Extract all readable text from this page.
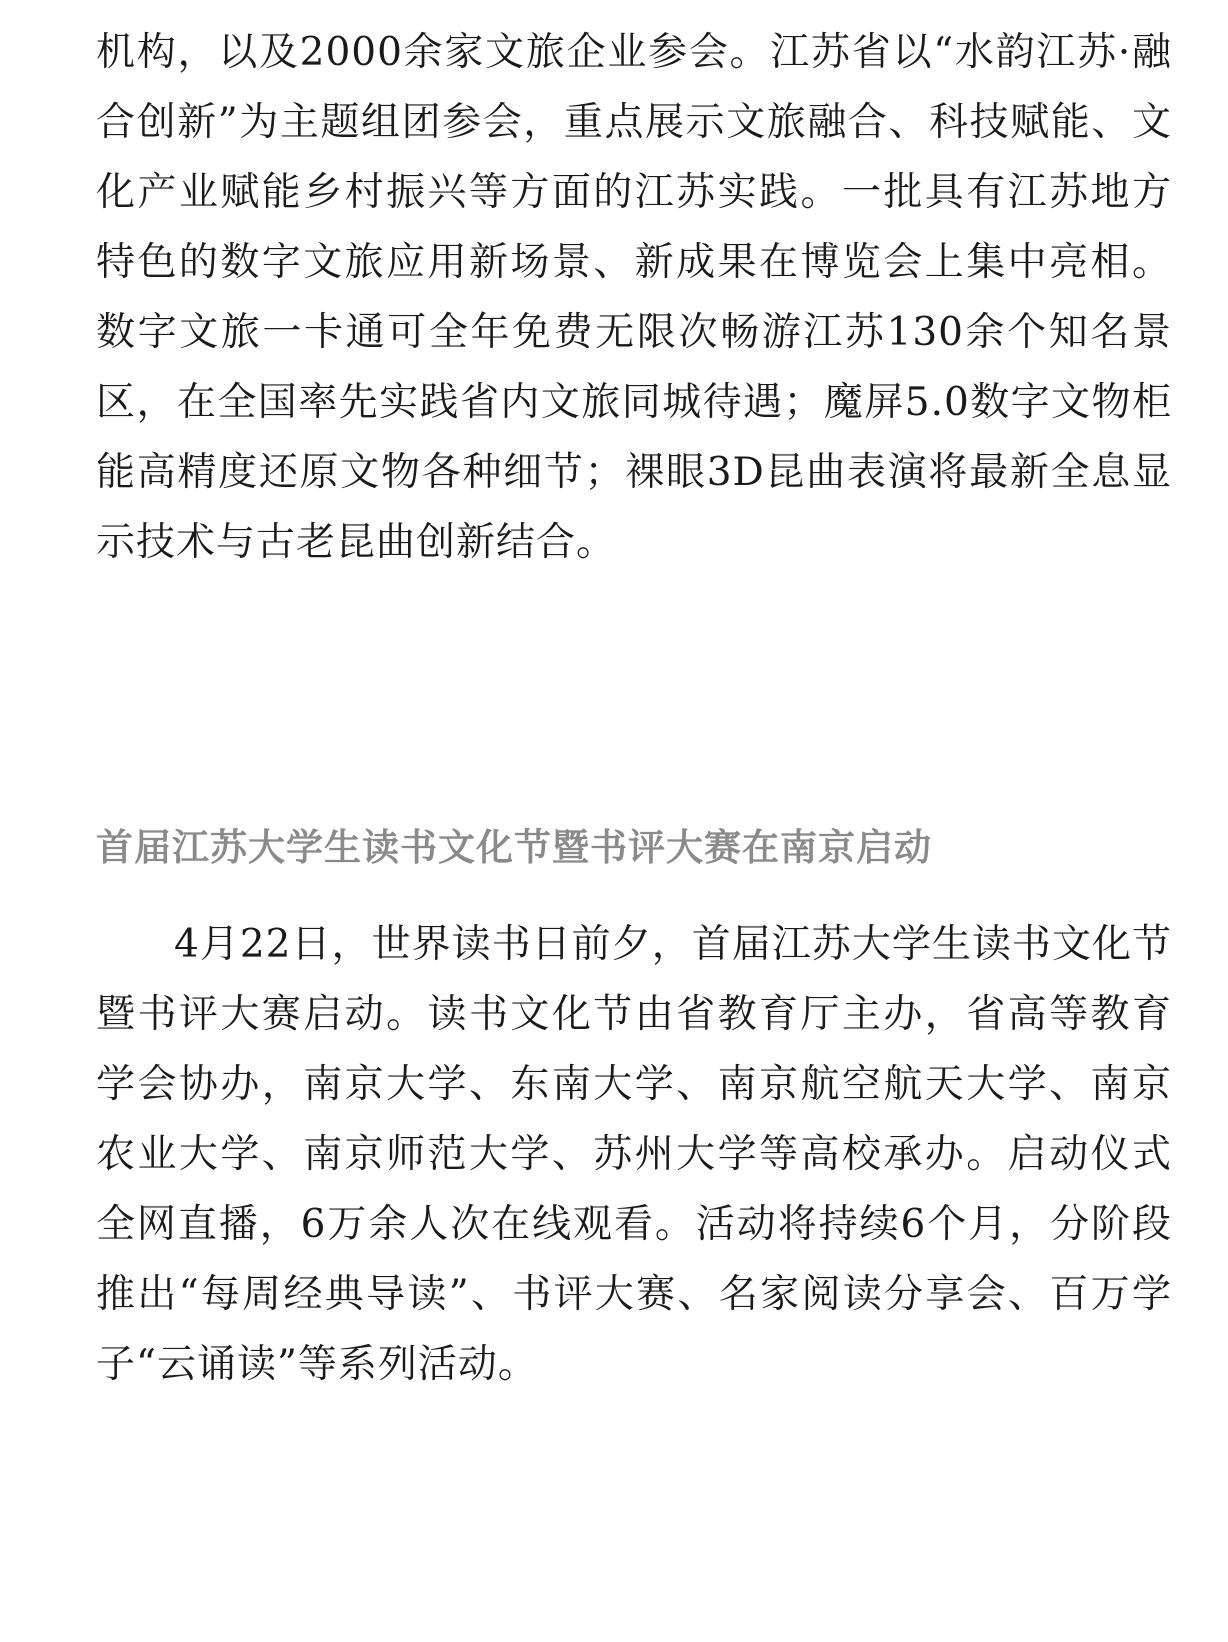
机构，以及2000余家文旅企业参会。江苏省以“水韵江苏·融合创新”为主题组团参会，重点展示文旅融合、科技赋能、文化产业赋能乡村振兴等方面的江苏实践。一批具有江苏地方特色的数字文旅应用新场景、新成果在博览会上集中亮相。数字文旅一卡通可全年免费无限次畅游江苏130余个知名景区，在全国率先实践省内文旅同城待遇；魔屏5.0数字文物柜能高精度还原文物各种细节；裸眼3D昆曲表演将最新全息显示技术与古老昆曲创新结合。

首届江苏大学生读书文化节暨书评大赛在南京启动

4月22日，世界读书日前夕，首届江苏大学生读书文化节暨书评大赛启动。读书文化节由省教育厅主办，省高等教育学会协办，南京大学、东南大学、南京航空航天大学、南京农业大学、南京师范大学、苏州大学等高校承办。启动仪式全网直播，6万余人次在线观看。活动将持续6个月，分阶段推出“每周经典导读”、书评大赛、名家阅读分享会、百万学子“云诵读”等系列活动。
